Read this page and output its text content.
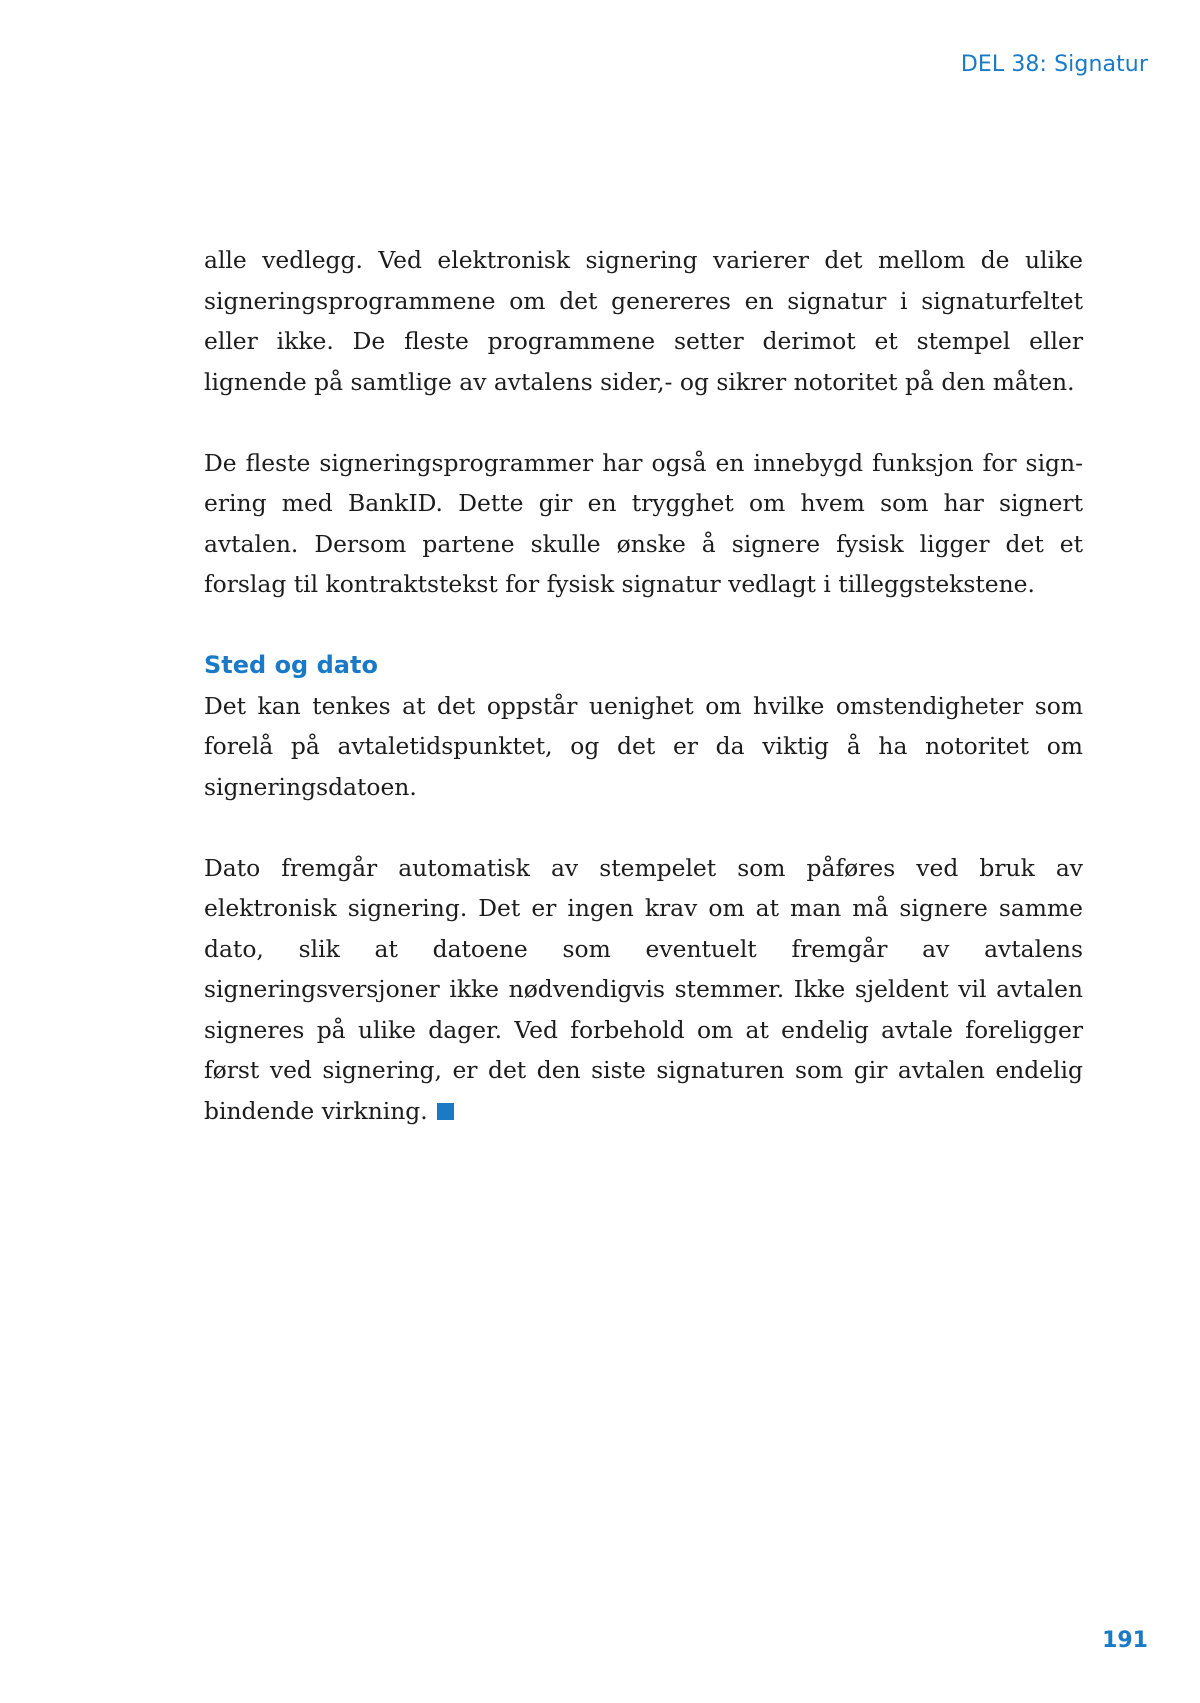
DEL 38: Signatur

alle vedlegg. Ved elektronisk signering varierer det mellom de ulike signeringsprogrammene om det genereres en signatur i signaturfeltet eller ikke. De fleste programmene setter derimot et stempel eller lignende på samtlige av avtalens sider,- og sikrer notoritet på den måten.

De fleste signeringsprogrammer har også en innebygd funksjon for signering med BankID. Dette gir en trygghet om hvem som har signert avtalen. Dersom partene skulle ønske å signere fysisk ligger det et forslag til kontraktstekst for fysisk signatur vedlagt i tilleggstekstene.

Sted og dato

Det kan tenkes at det oppstår uenighet om hvilke omstendigheter som forelå på avtaletidspunktet, og det er da viktig å ha notoritet om signeringsdatoen.

Dato fremgår automatisk av stempelet som påføres ved bruk av elektronisk signering. Det er ingen krav om at man må signere samme dato, slik at datoene som eventuelt fremgår av avtalens signeringsversjoner ikke nødvendigvis stemmer. Ikke sjeldent vil avtalen signeres på ulike dager. Ved forbehold om at endelig avtale foreligger først ved signering, er det den siste signaturen som gir avtalen endelig bindende virkning.

191
